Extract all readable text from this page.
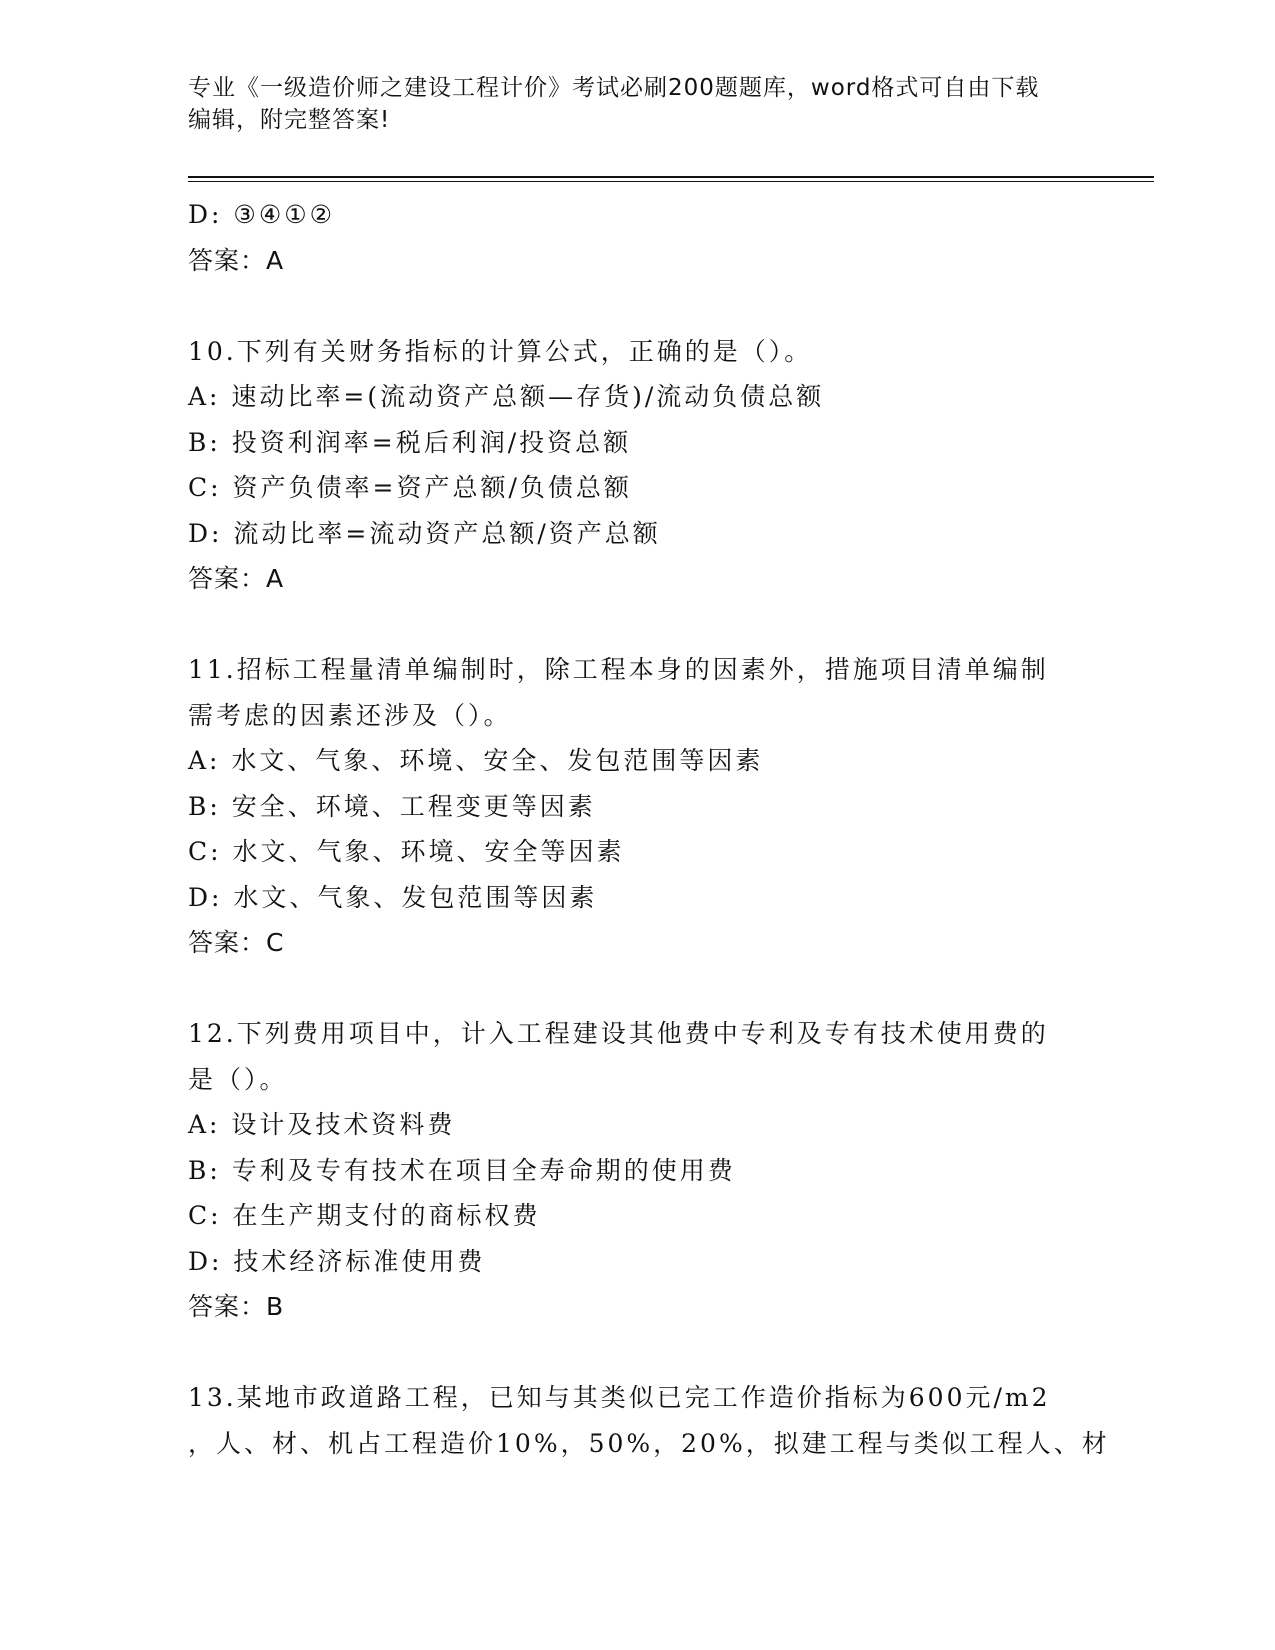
专业《一级造价师之建设工程计价》考试必刷200题题库，word格式可自由下载
编辑，附完整答案!
D: ③④①②
答案：A
10.下列有关财务指标的计算公式，正确的是（）。
A: 速动比率=(流动资产总额—存货)/流动负债总额
B: 投资利润率=税后利润/投资总额
C: 资产负债率=资产总额/负债总额
D: 流动比率=流动资产总额/资产总额
答案：A
11.招标工程量清单编制时，除工程本身的因素外，措施项目清单编制
需考虑的因素还涉及（）。
A: 水文、气象、环境、安全、发包范围等因素
B: 安全、环境、工程变更等因素
C: 水文、气象、环境、安全等因素
D: 水文、气象、发包范围等因素
答案：C
12.下列费用项目中，计入工程建设其他费中专利及专有技术使用费的
是（）。
A: 设计及技术资料费
B: 专利及专有技术在项目全寿命期的使用费
C: 在生产期支付的商标权费
D: 技术经济标准使用费
答案：B
13.某地市政道路工程，已知与其类似已完工作造价指标为600元/m2
，人、材、机占工程造价10%，50%，20%，拟建工程与类似工程人、材
